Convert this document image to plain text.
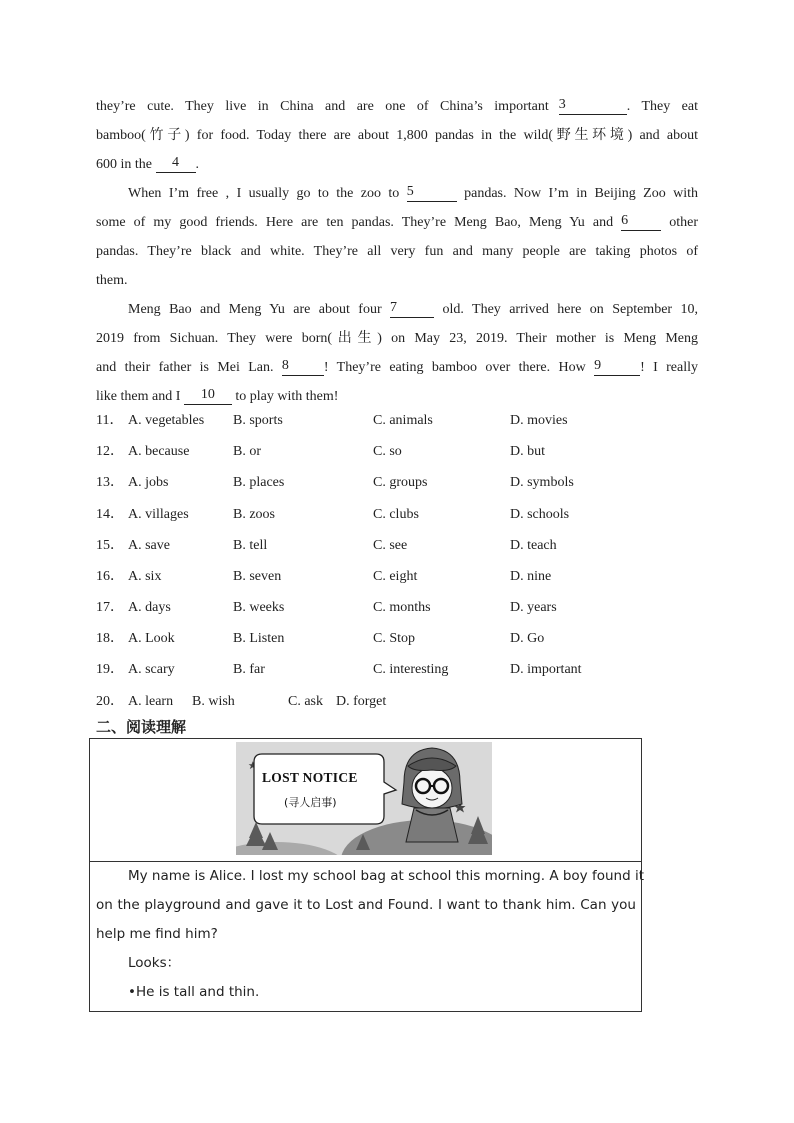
they’re cute. They live in China and are one of China’s important 3	. They eat
bamboo(竹子) for food. Today there are about 1,800 pandas in the wild(野生环境) and about
600 in the 4 .
When I’m free , I usually go to the zoo to 5	pandas. Now I’m in Beijing Zoo with
some of my good friends. Here are ten pandas. They’re Meng Bao, Meng Yu and 6	other
pandas. They’re black and white. They’re all very fun and many people are taking photos of
them.
Meng Bao and Meng Yu are about four 7	old. They arrived here on September 10,
2019 from Sichuan. They were born(出生) on May 23, 2019. Their mother is Meng Meng
and their father is Mei Lan. 8	! They’re eating bamboo over there. How 9	! I really
like them and I 10 to play with them!
11． A. vegetables B. sports	C. animals	D. movies
12． A. because	B. or	C. so	D. but
13． A. jobs	B. places	C. groups	D. symbols
14． A. villages	B. zoos	C. clubs	D. schools
15． A. save	B. tell	C. see	D. teach
16． A. six	B. seven	C. eight	D. nine
17． A. days	B. weeks	C. months	D. years
18． A. Look	B. Listen	C. Stop	D. Go
19． A. scary	B. far	C. interesting	D. important
20． A. learn B. wish	C. ask D. forget
二、阅读理解
LOST NOTICE
(寻人启事)
My name is Alice. I lost my school bag at school this morning. A boy found it
on the playground and gave it to Lost and Found. I want to thank him. Can you
help me find him?
Looks：
•He is tall and thin.
